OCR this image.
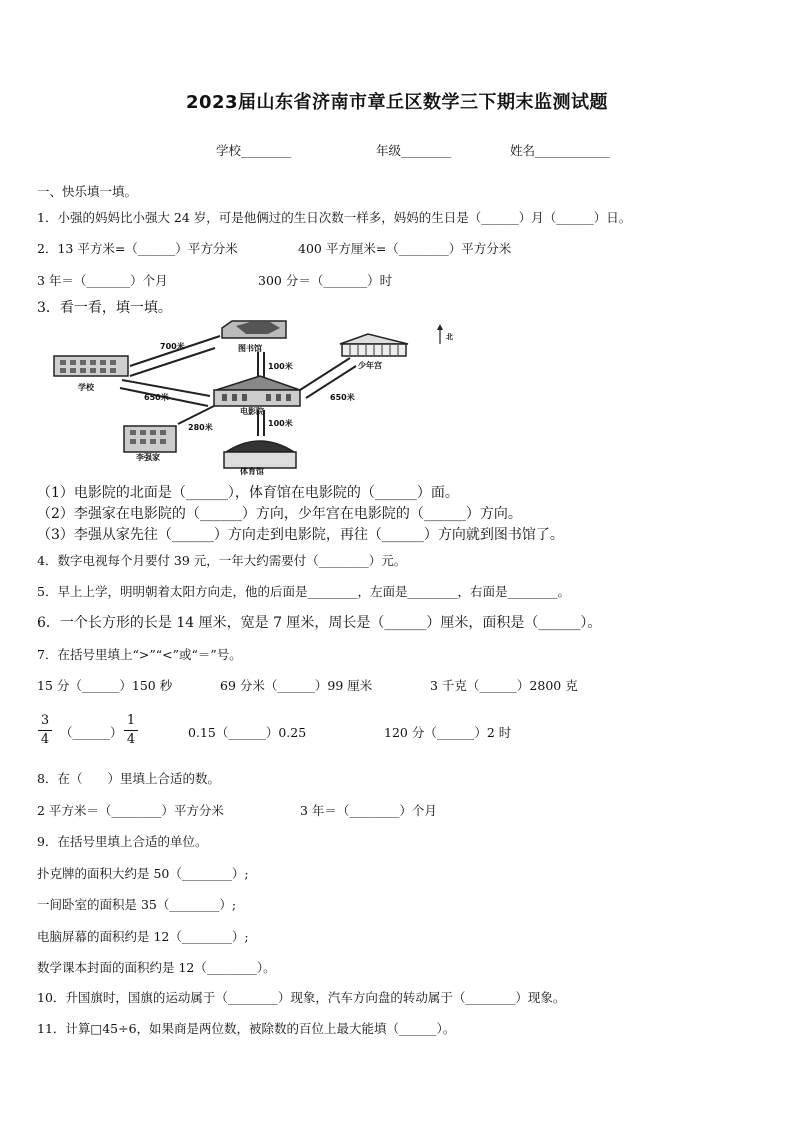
2023届山东省济南市章丘区数学三下期末监测试题
学校________	年级________	姓名____________
一、快乐填一填。
1．小强的妈妈比小强大 24 岁，可是他俩过的生日次数一样多，妈妈的生日是（______）月（______）日。
2．13 平方米=（______）平方分米	400 平方厘米=（________）平方分米
3 年＝（_______）个月	300 分＝（_______）时
3．看一看，填一填。
学校
图书馆
100米
电影院
少年宫
北
李强家
体育馆
700米
650米	650米
280米	100米
（1）电影院的北面是（______），体育馆在电影院的（______）面。
（2）李强家在电影院的（______）方向，少年宫在电影院的（______）方向。
（3）李强从家先往（______）方向走到电影院，再往（______）方向就到图书馆了。
4．数字电视每个月要付 39 元，一年大约需要付（________）元。
5．早上上学，明明朝着太阳方向走，他的后面是________，左面是________，右面是________。
6．一个长方形的长是 14 厘米，宽是 7 厘米，周长是（______）厘米，面积是（______）。
7．在括号里填上“>”“<”或“＝”号。
15 分（______）150 秒	69 分米（______）99 厘米	3 千克（______）2800 克
$\frac{3}{4}$ （______） $\frac{1}{4}$	0.15（______）0.25	120 分（______）2 时
8．在（　　）里填上合适的数。
2 平方米＝（________）平方分米	3 年＝（________）个月
9．在括号里填上合适的单位。
扑克牌的面积大约是 50（________）;
一间卧室的面积是 35（________）;
电脑屏幕的面积约是 12（________）;
数学课本封面的面积约是 12（________）。
10．升国旗时，国旗的运动属于（________）现象，汽车方向盘的转动属于（________）现象。
11．计算□45÷6，如果商是两位数，被除数的百位上最大能填（______）。
